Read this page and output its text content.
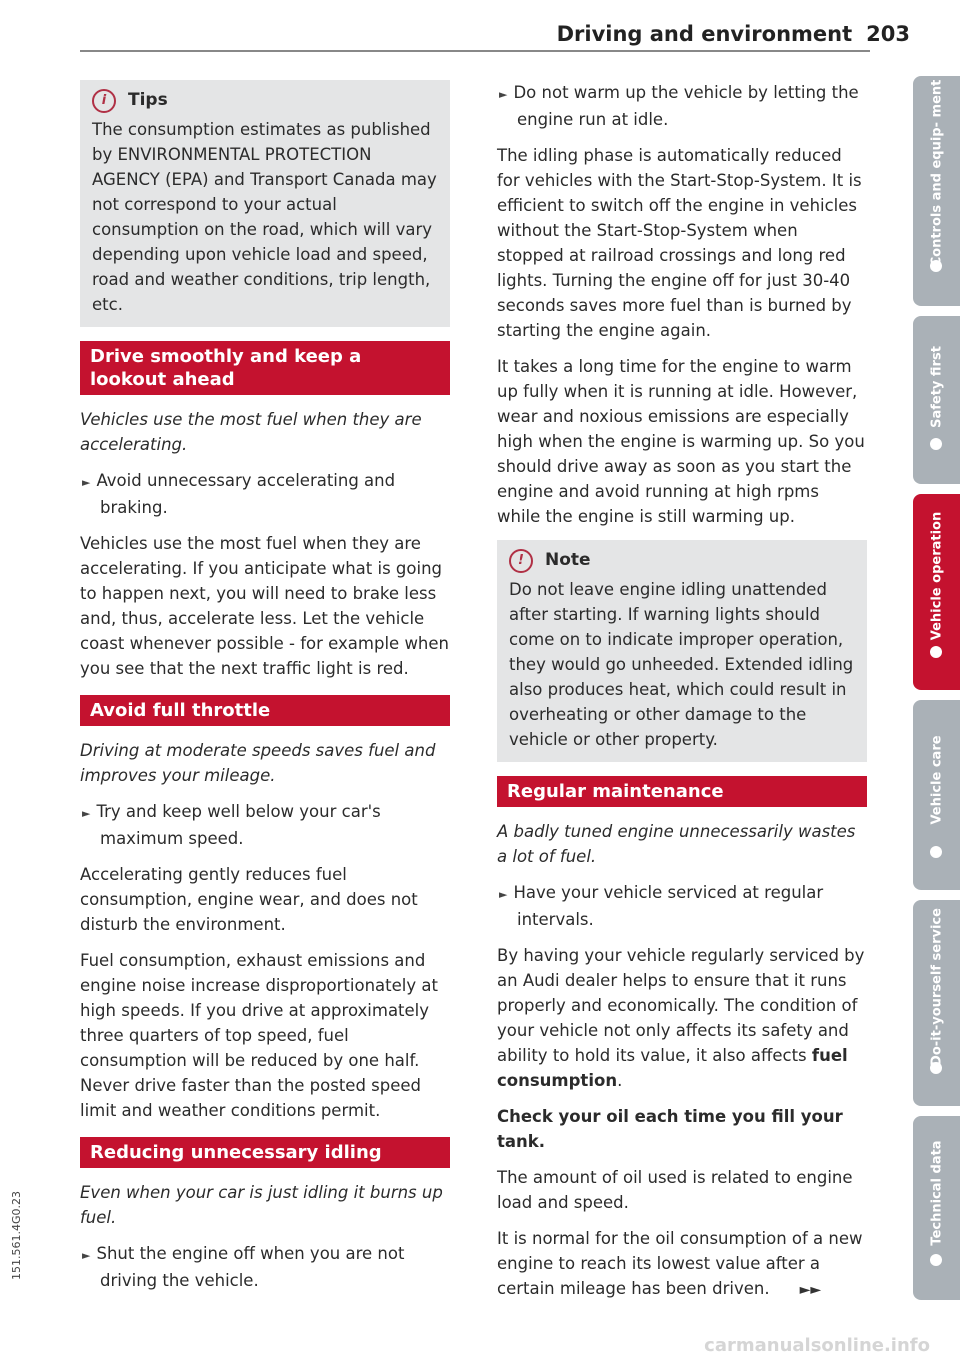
Driving and environment 203
i	Tips

The consumption estimates as published by ENVIRONMENTAL PROTECTION AGENCY (EPA) and Transport Canada may not correspond to your actual consumption on the road, which will vary depending upon vehicle load and speed, road and weather conditions, trip length, etc.

Drive smoothly and keep a lookout ahead

Vehicles use the most fuel when they are accelerating.

► Avoid unnecessary accelerating and braking.

Vehicles use the most fuel when they are accelerating. If you anticipate what is going to happen next, you will need to brake less and, thus, accelerate less. Let the vehicle coast whenever possible - for example when you see that the next traffic light is red.

Avoid full throttle

Driving at moderate speeds saves fuel and improves your mileage.

► Try and keep well below your car's maximum speed.

Accelerating gently reduces fuel consumption, engine wear, and does not disturb the environment.

Fuel consumption, exhaust emissions and engine noise increase disproportionately at high speeds. If you drive at approximately three quarters of top speed, fuel consumption will be reduced by one half. Never drive faster than the posted speed limit and weather conditions permit.

Reducing unnecessary idling

Even when your car is just idling it burns up fuel.

► Shut the engine off when you are not driving the vehicle.

► Do not warm up the vehicle by letting the engine run at idle.

The idling phase is automatically reduced for vehicles with the Start-Stop-System. It is efficient to switch off the engine in vehicles without the Start-Stop-System when stopped at railroad crossings and long red lights. Turning the engine off for just 30-40 seconds saves more fuel than is burned by starting the engine again.

It takes a long time for the engine to warm up fully when it is running at idle. However, wear and noxious emissions are especially high when the engine is warming up. So you should drive away as soon as you start the engine and avoid running at high rpms while the engine is still warming up.

!	Note

Do not leave engine idling unattended after starting. If warning lights should come on to indicate improper operation, they would go unheeded. Extended idling also produces heat, which could result in overheating or other damage to the vehicle or other property.

Regular maintenance

A badly tuned engine unnecessarily wastes a lot of fuel.

► Have your vehicle serviced at regular intervals.

By having your vehicle regularly serviced by an Audi dealer helps to ensure that it runs properly and economically. The condition of your vehicle not only affects its safety and ability to hold its value, it also affects fuel consumption.

Check your oil each time you fill your tank.

The amount of oil used is related to engine load and speed.

It is normal for the oil consumption of a new engine to reach its lowest value after a certain mileage has been driven. ►►

Controls and equip- ment
Safety first
Vehicle operation
Vehicle care
Do-it-yourself service
Technical data
151.561.4G0.23
carmanualsonline.info
